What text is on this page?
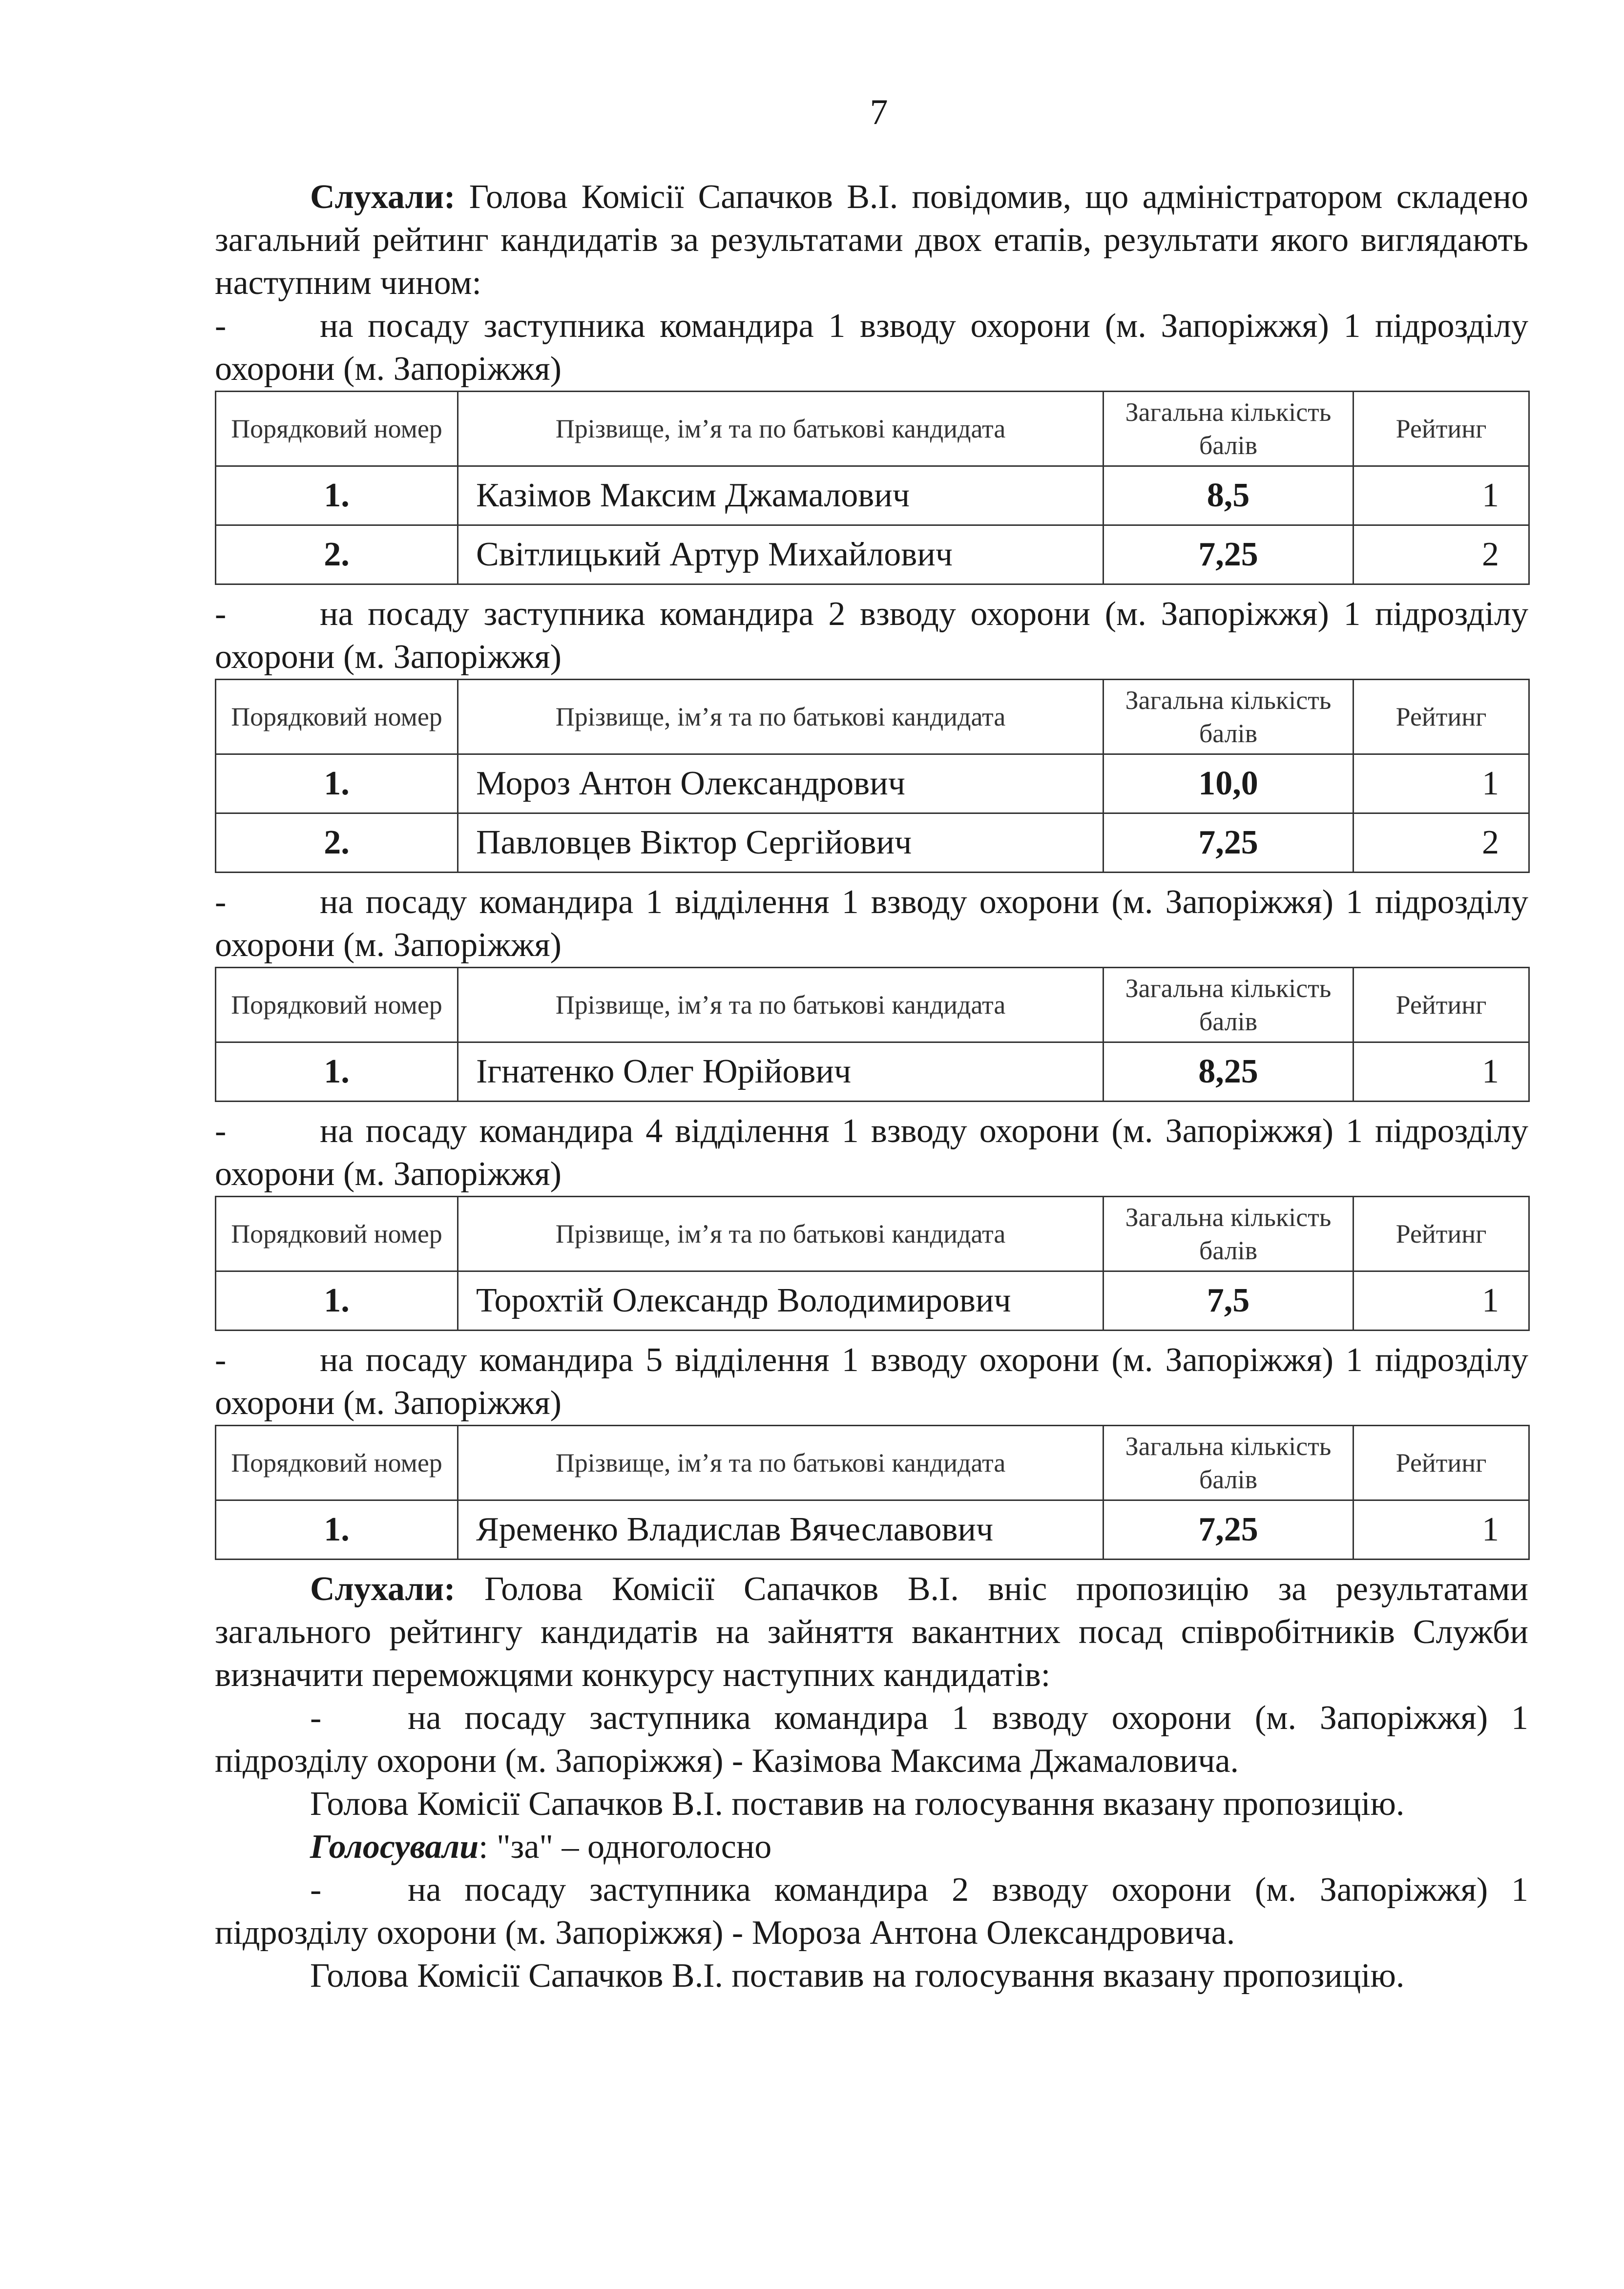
7

Слухали: Голова Комісії Сапачков В.І. повідомив, що адміністратором складено загальний рейтинг кандидатів за результатами двох етапів, результати якого виглядають наступним чином:

-	на посаду заступника командира 1 взводу охорони (м. Запоріжжя) 1 підрозділу охорони (м. Запоріжжя)

Порядковий номер	Прізвище, ім’я та по батькові кандидата	Загальна кількість балів	Рейтинг
1.	Казімов Максим Джамалович	8,5	1
2.	Світлицький Артур Михайлович	7,25	2

-	на посаду заступника командира 2 взводу охорони (м. Запоріжжя) 1 підрозділу охорони (м. Запоріжжя)

Порядковий номер	Прізвище, ім’я та по батькові кандидата	Загальна кількість балів	Рейтинг
1.	Мороз Антон Олександрович	10,0	1
2.	Павловцев Віктор Сергійович	7,25	2

-	на посаду командира 1 відділення 1 взводу охорони (м. Запоріжжя) 1 підрозділу охорони (м. Запоріжжя)

Порядковий номер	Прізвище, ім’я та по батькові кандидата	Загальна кількість балів	Рейтинг
1.	Ігнатенко Олег Юрійович	8,25	1

-	на посаду командира 4 відділення 1 взводу охорони (м. Запоріжжя) 1 підрозділу охорони (м. Запоріжжя)

Порядковий номер	Прізвище, ім’я та по батькові кандидата	Загальна кількість балів	Рейтинг
1.	Торохтій Олександр Володимирович	7,5	1

-	на посаду командира 5 відділення 1 взводу охорони (м. Запоріжжя) 1 підрозділу охорони (м. Запоріжжя)

Порядковий номер	Прізвище, ім’я та по батькові кандидата	Загальна кількість балів	Рейтинг
1.	Яременко Владислав Вячеславович	7,25	1

Слухали: Голова Комісії Сапачков В.І. вніс пропозицію за результатами загального рейтингу кандидатів на зайняття вакантних посад співробітників Служби визначити переможцями конкурсу наступних кандидатів:

-	на посаду заступника командира 1 взводу охорони (м. Запоріжжя) 1 підрозділу охорони (м. Запоріжжя) - Казімова Максима Джамаловича.

Голова Комісії Сапачков В.І. поставив на голосування вказану пропозицію.

Голосували: "за" – одноголосно

-	на посаду заступника командира 2 взводу охорони (м. Запоріжжя) 1 підрозділу охорони (м. Запоріжжя) - Мороза Антона Олександровича.

Голова Комісії Сапачков В.І. поставив на голосування вказану пропозицію.
